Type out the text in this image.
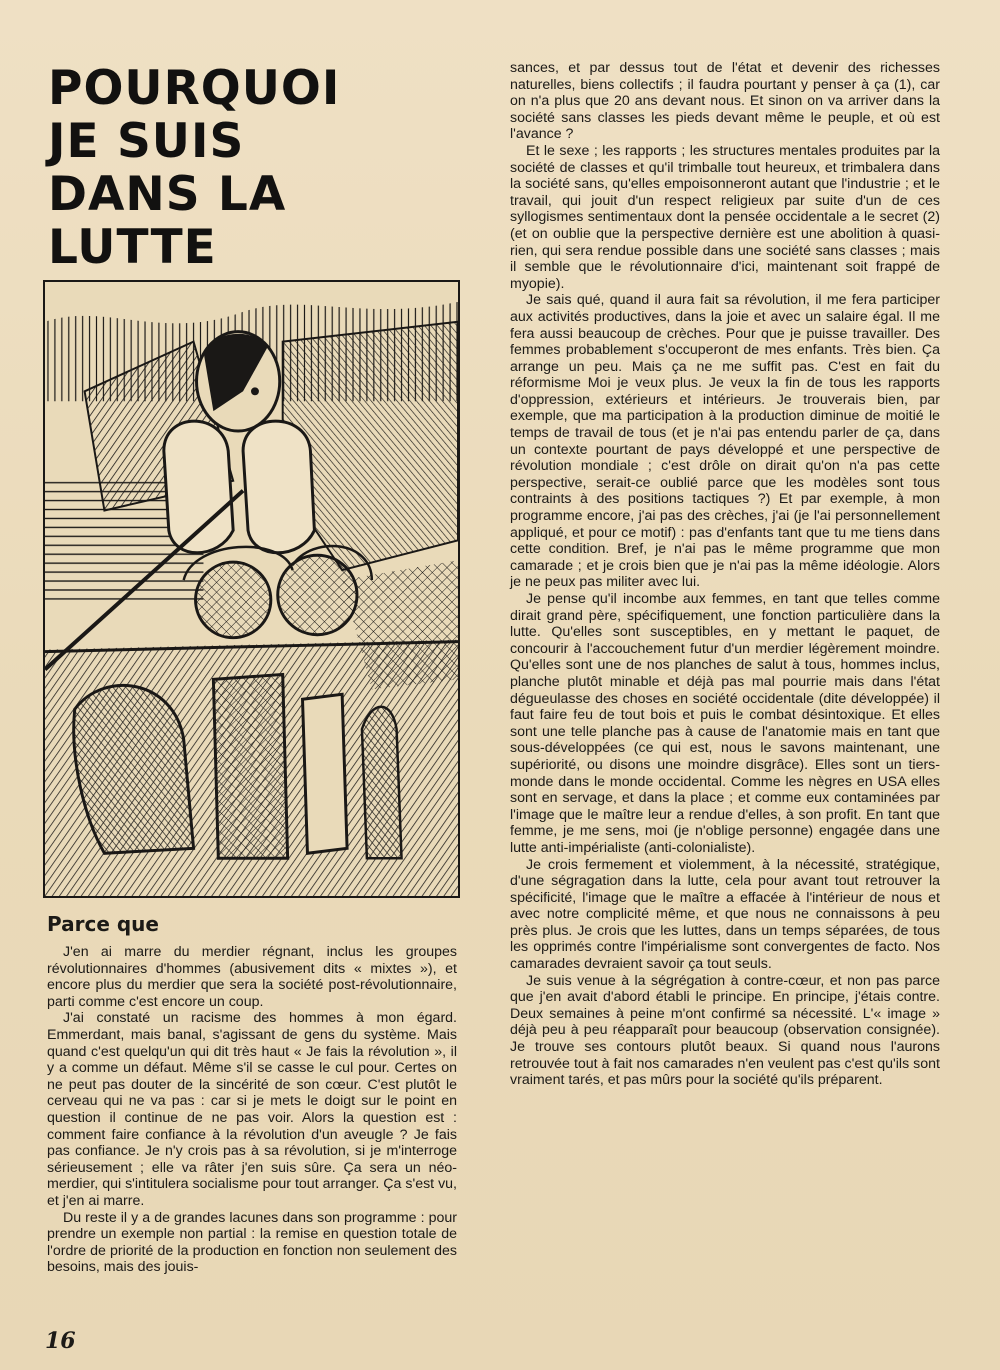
POURQUOI
JE SUIS
DANS LA LUTTE
Parce que

J'en ai marre du merdier régnant, inclus les groupes révolutionnaires d'hommes (abusivement dits « mixtes »), et encore plus du merdier que sera la société post-révolutionnaire, parti comme c'est encore un coup.

J'ai constaté un racisme des hommes à mon égard. Emmerdant, mais banal, s'agissant de gens du système. Mais quand c'est quelqu'un qui dit très haut « Je fais la révolution », il y a comme un défaut. Même s'il se casse le cul pour. Certes on ne peut pas douter de la sincérité de son cœur. C'est plutôt le cerveau qui ne va pas : car si je mets le doigt sur le point en question il continue de ne pas voir. Alors la question est : comment faire confiance à la révolution d'un aveugle ? Je fais pas confiance. Je n'y crois pas à sa révolution, si je m'interroge sérieusement ; elle va râter j'en suis sûre. Ça sera un néo-merdier, qui s'intitulera socialisme pour tout arranger. Ça s'est vu, et j'en ai marre.

Du reste il y a de grandes lacunes dans son programme : pour prendre un exemple non partial : la remise en question totale de l'ordre de priorité de la production en fonction non seulement des besoins, mais des jouis-

sances, et par dessus tout de l'état et devenir des richesses naturelles, biens collectifs ; il faudra pourtant y penser à ça (1), car on n'a plus que 20 ans devant nous. Et sinon on va arriver dans la société sans classes les pieds devant même le peuple, et où est l'avance ?

Et le sexe ; les rapports ; les structures mentales produites par la société de classes et qu'il trimballe tout heureux, et trimbalera dans la société sans, qu'elles empoisonneront autant que l'industrie ; et le travail, qui jouit d'un respect religieux par suite d'un de ces syllogismes sentimentaux dont la pensée occidentale a le secret (2) (et on oublie que la perspective dernière est une abolition à quasi-rien, qui sera rendue possible dans une société sans classes ; mais il semble que le révolutionnaire d'ici, maintenant soit frappé de myopie).

Je sais qué, quand il aura fait sa révolution, il me fera participer aux activités productives, dans la joie et avec un salaire égal. Il me fera aussi beaucoup de crèches. Pour que je puisse travailler. Des femmes probablement s'occuperont de mes enfants. Très bien. Ça arrange un peu. Mais ça ne me suffit pas. C'est en fait du réformisme Moi je veux plus. Je veux la fin de tous les rapports d'oppression, extérieurs et intérieurs. Je trouverais bien, par exemple, que ma participation à la production diminue de moitié le temps de travail de tous (et je n'ai pas entendu parler de ça, dans un contexte pourtant de pays développé et une perspective de révolution mondiale ; c'est drôle on dirait qu'on n'a pas cette perspective, serait-ce oublié parce que les modèles sont tous contraints à des positions tactiques ?) Et par exemple, à mon programme encore, j'ai pas des crèches, j'ai (je l'ai personnellement appliqué, et pour ce motif) : pas d'enfants tant que tu me tiens dans cette condition. Bref, je n'ai pas le même programme que mon camarade ; et je crois bien que je n'ai pas la même idéologie. Alors je ne peux pas militer avec lui.

Je pense qu'il incombe aux femmes, en tant que telles comme dirait grand père, spécifiquement, une fonction particulière dans la lutte. Qu'elles sont susceptibles, en y mettant le paquet, de concourir à l'accouchement futur d'un merdier légèrement moindre. Qu'elles sont une de nos planches de salut à tous, hommes inclus, planche plutôt minable et déjà pas mal pourrie mais dans l'état dégueulasse des choses en société occidentale (dite développée) il faut faire feu de tout bois et puis le combat désintoxique. Et elles sont une telle planche pas à cause de l'anatomie mais en tant que sous-développées (ce qui est, nous le savons maintenant, une supériorité, ou disons une moindre disgrâce). Elles sont un tiers-monde dans le monde occidental. Comme les nègres en USA elles sont en servage, et dans la place ; et comme eux contaminées par l'image que le maître leur a rendue d'elles, à son profit. En tant que femme, je me sens, moi (je n'oblige personne) engagée dans une lutte anti-impérialiste (anti-colonialiste).

Je crois fermement et violemment, à la nécessité, stratégique, d'une ségragation dans la lutte, cela pour avant tout retrouver la spécificité, l'image que le maître a effacée à l'intérieur de nous et avec notre complicité même, et que nous ne connaissons à peu près plus. Je crois que les luttes, dans un temps séparées, de tous les opprimés contre l'impérialisme sont convergentes de facto. Nos camarades devraient savoir ça tout seuls.

Je suis venue à la ségrégation à contre-cœur, et non pas parce que j'en avait d'abord établi le principe. En principe, j'étais contre. Deux semaines à peine m'ont confirmé sa nécessité. L'« image » déjà peu à peu réapparaît pour beaucoup (observation consignée). Je trouve ses contours plutôt beaux. Si quand nous l'aurons retrouvée tout à fait nos camarades n'en veulent pas c'est qu'ils sont vraiment tarés, et pas mûrs pour la société qu'ils préparent.

16
